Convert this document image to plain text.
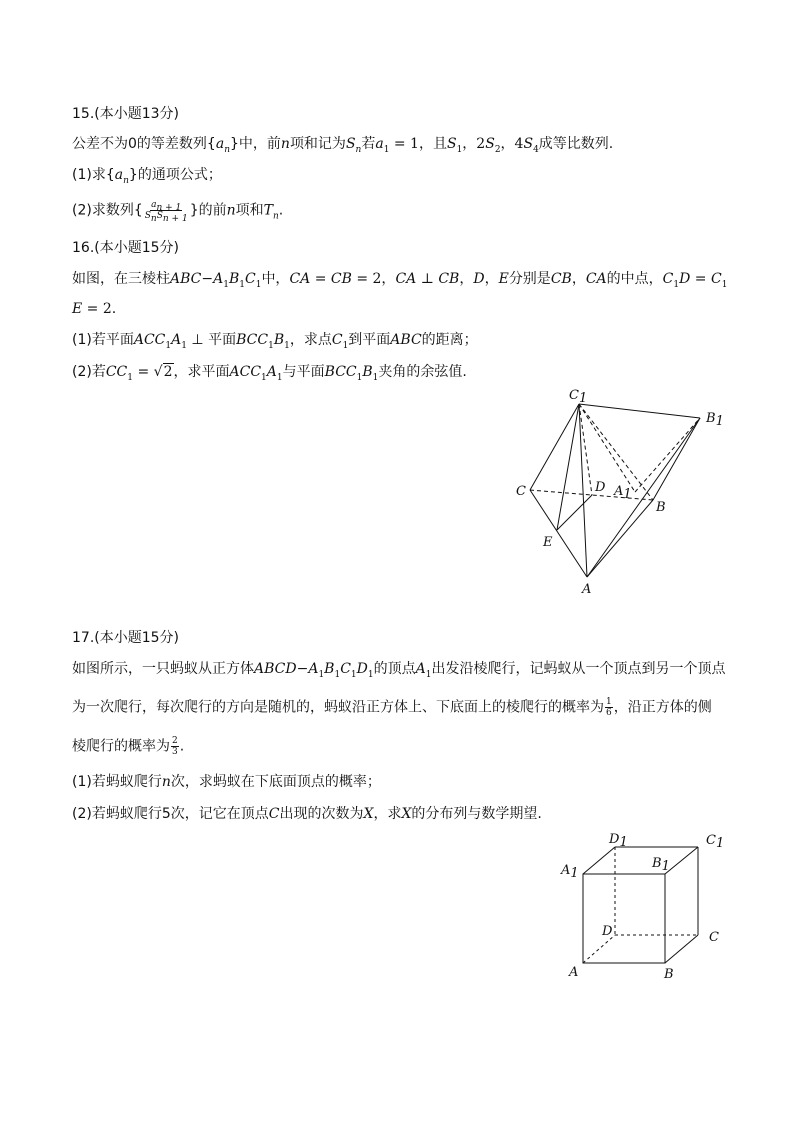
15.(本小题13分)
公差不为0的等差数列$\{a_n\}$中，前n项和记为$S_n$若$a_1 = 1$，且$S_1$，$2S_2$，$4S_4$成等比数列.
(1)求$\{a_n\}$的通项公式；
(2)求数列{ $\frac{a_{n + 1}}{S_nS_{n + 1}}$ }的前n项和$T_n$.
16.(本小题15分)
如图，在三棱柱$ABC-A_1B_1C_1$中，CA = CB = 2，CA ⊥ CB，D，E分别是CB，CA的中点，$C_1D = C_1$
E = 2.
(1)若平面$ACC_1A_1$ ⊥ 平面$BCC_1B_1$，求点$C_1$到平面ABC的距离；
(2)若$CC_1 = √2$，求平面$ACC_1A_1$与平面$BCC_1B_1$夹角的余弦值.
C1
B1
C	D A1
B
E
A
17.(本小题15分)
如图所示，一只蚂蚁从正方体$ABCD-A_1B_1C_1D_1$的顶点$A_1$出发沿棱爬行，记蚂蚁从一个顶点到另一个顶点
为一次爬行，每次爬行的方向是随机的，蚂蚁沿正方体上、下底面上的棱爬行的概率为 $\frac{1}{6}$ ，沿正方体的侧
棱爬行的概率为 $\frac{2}{3}$ .
(1)若蚂蚁爬行n次，求蚂蚁在下底面顶点的概率；
(2)若蚂蚁爬行5次，记它在顶点C出现的次数为X，求X的分布列与数学期望.
D1	C1
A1
B1
D	C
A	B
